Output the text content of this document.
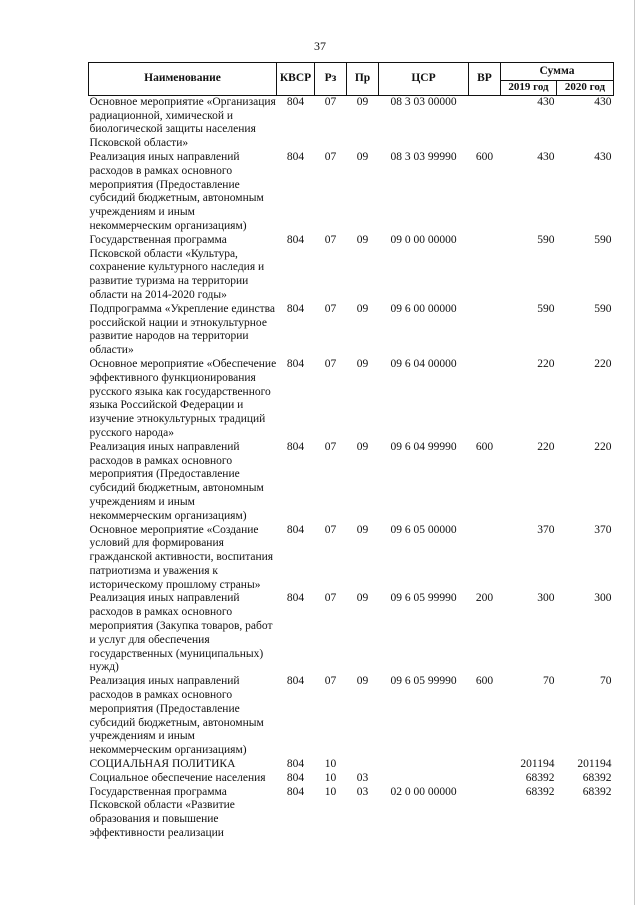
37
Наименование	КВСР	Рз	Пр	ЦСР	ВР	Сумма	
						2019 год	2020 год
Основное мероприятие «Организация радиационной, химической и биологической защиты населения Псковской области»	804	07	09	08 3 03 00000		430	430
Реализация иных направлений расходов в рамках основного мероприятия (Предоставление субсидий бюджетным, автономным учреждениям и иным некоммерческим организациям)	804	07	09	08 3 03 99990	600	430	430
Государственная программа Псковской области «Культура, сохранение культурного наследия и развитие туризма на территории области на 2014-2020 годы»	804	07	09	09 0 00 00000		590	590
Подпрограмма «Укрепление единства российской нации и этнокультурное развитие народов на территории области»	804	07	09	09 6 00 00000		590	590
Основное мероприятие «Обеспечение эффективного функционирования русского языка как государственного языка Российской Федерации и изучение этнокультурных традиций русского народа»	804	07	09	09 6 04 00000		220	220
Реализация иных направлений расходов в рамках основного мероприятия (Предоставление субсидий бюджетным, автономным учреждениям и иным некоммерческим организациям)	804	07	09	09 6 04 99990	600	220	220
Основное мероприятие «Создание условий для формирования гражданской активности, воспитания патриотизма и уважения к историческому прошлому страны»	804	07	09	09 6 05 00000		370	370
Реализация иных направлений расходов в рамках основного мероприятия (Закупка товаров, работ и услуг для обеспечения государственных (муниципальных) нужд)	804	07	09	09 6 05 99990	200	300	300
Реализация иных направлений расходов в рамках основного мероприятия (Предоставление субсидий бюджетным, автономным учреждениям и иным некоммерческим организациям)	804	07	09	09 6 05 99990	600	70	70
СОЦИАЛЬНАЯ ПОЛИТИКА	804	10				201194	201194
Социальное обеспечение населения	804	10	03			68392	68392
Государственная программа Псковской области «Развитие образования и повышение эффективности реализации	804	10	03	02 0 00 00000		68392	68392
